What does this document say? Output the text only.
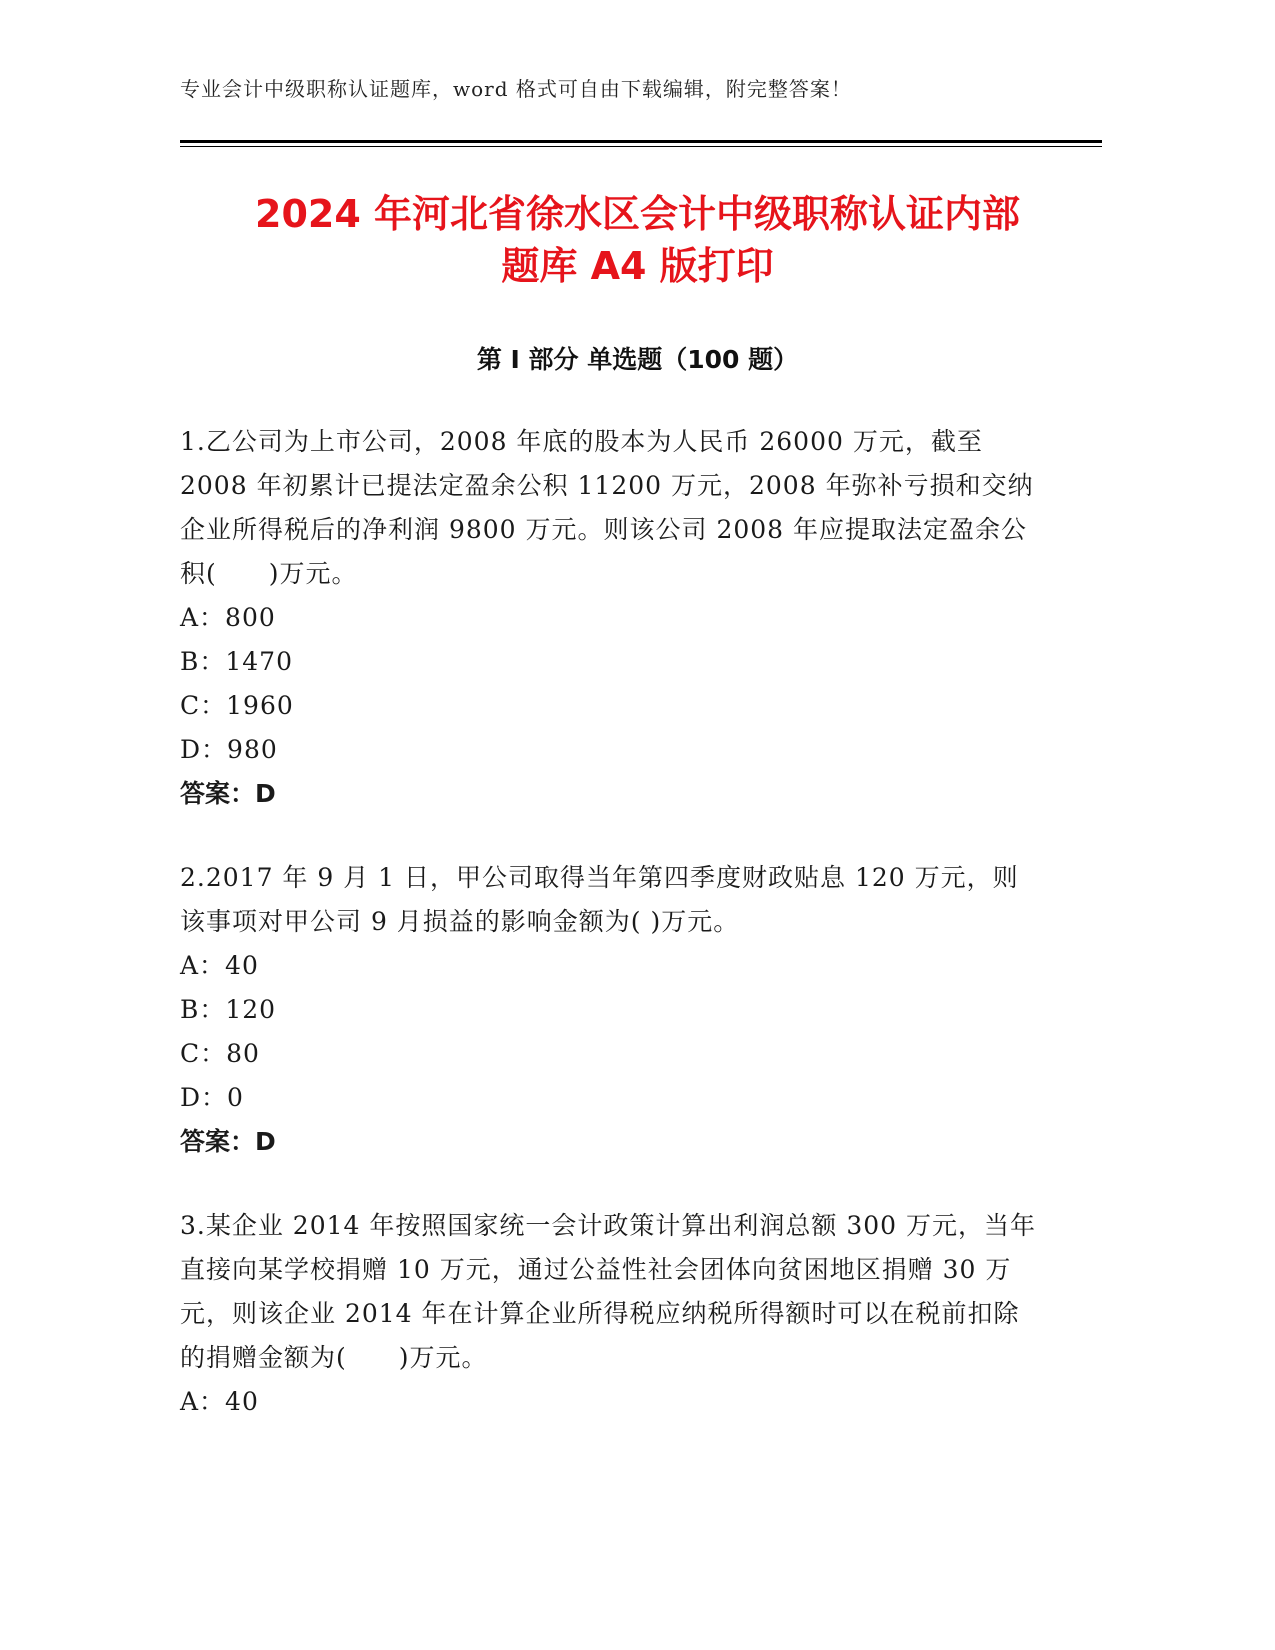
专业会计中级职称认证题库，word 格式可自由下载编辑，附完整答案！
2024 年河北省徐水区会计中级职称认证内部
题库 A4 版打印
第 I 部分 单选题（100 题）

1.乙公司为上市公司，2008 年底的股本为人民币 26000 万元，截至 2008 年初累计已提法定盈余公积 11200 万元，2008 年弥补亏损和交纳企业所得税后的净利润 9800 万元。则该公司 2008 年应提取法定盈余公积(　　)万元。

A：800

B：1470

C：1960

D：980

答案：D

2.2017 年 9 月 1 日，甲公司取得当年第四季度财政贴息 120 万元，则该事项对甲公司 9 月损益的影响金额为( )万元。

A：40

B：120

C：80

D：0

答案：D

3.某企业 2014 年按照国家统一会计政策计算出利润总额 300 万元，当年直接向某学校捐赠 10 万元，通过公益性社会团体向贫困地区捐赠 30 万元，则该企业 2014 年在计算企业所得税应纳税所得额时可以在税前扣除的捐赠金额为(　　)万元。

A：40
